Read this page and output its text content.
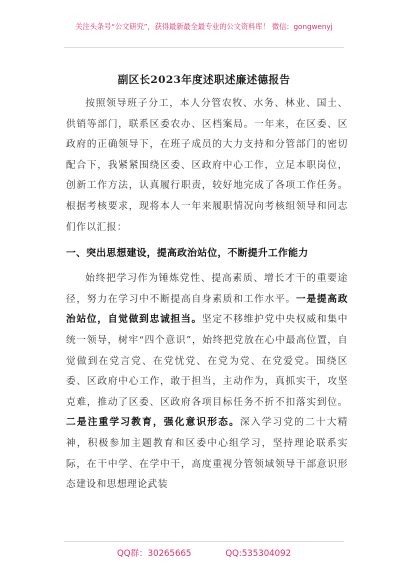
关注头条号“公文研究”，获得最新最全最专业的公文资料库！ 微信：gongwenyj
副区长2023年度述职述廉述德报告

按照领导班子分工，本人分管农牧、水务、林业、国土、供销等部门，联系区委农办、区档案局。一年来，在区委、区政府的正确领导下，在班子成员的大力支持和分管部门的密切配合下，我紧紧围绕区委、区政府中心工作，立足本职岗位，创新工作方法，认真履行职责，较好地完成了各项工作任务。根据考核要求，现将本人一年来履职情况向考核组领导和同志们作以汇报：

一、突出思想建设，提高政治站位，不断提升工作能力

始终把学习作为锤炼党性、提高素质、增长才干的重要途径，努力在学习中不断提高自身素质和工作水平。一是提高政治站位，自觉做到忠诚担当。坚定不移维护党中央权威和集中统一领导，树牢“四个意识”，始终把党放在心中最高位置，自觉做到在党言党、在党忧党、在党为党、在党爱党。围绕区委、区政府中心工作，敢于担当，主动作为，真抓实干，攻坚克难，推动了区委、区政府各项目标任务不折不扣落实到位。二是注重学习教育，强化意识形态。深入学习党的二十大精神，积极参加主题教育和区委中心组学习，坚持理论联系实际，在干中学、在学中干，高度重视分管领域领导干部意识形态建设和思想理论武装

QQ群：30265665	QQ:535304092
